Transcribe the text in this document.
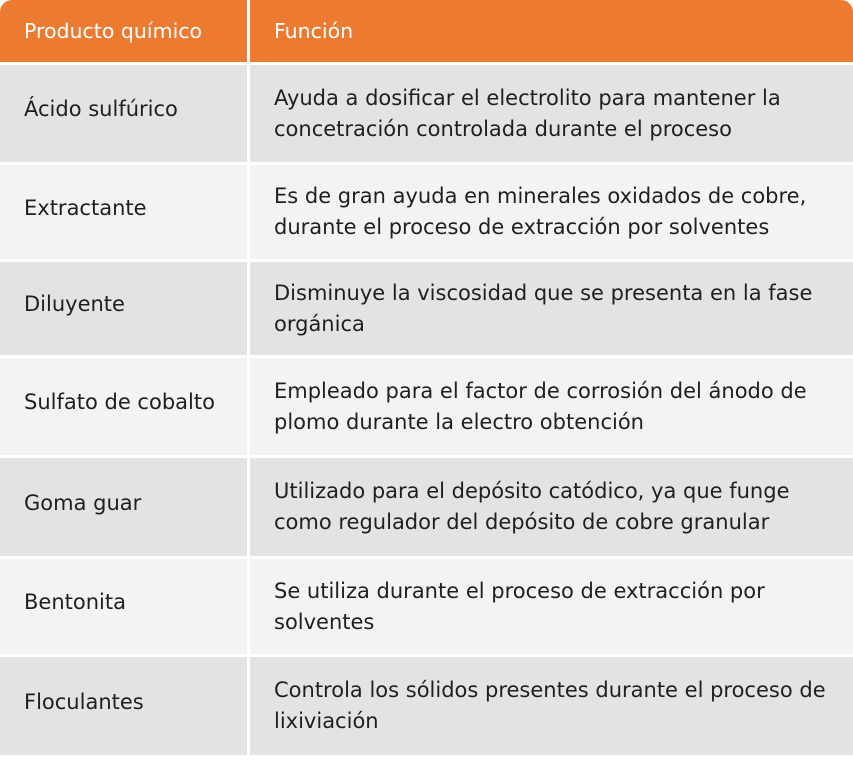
Producto químico	Función
Ácido sulfúrico	Ayuda a dosificar el electrolito para mantener la concetración controlada durante el proceso
Extractante	Es de gran ayuda en minerales oxidados de cobre, durante el proceso de extracción por solventes
Diluyente	Disminuye la viscosidad que se presenta en la fase orgánica
Sulfato de cobalto	Empleado para el factor de corrosión del ánodo de plomo durante la electro obtención
Goma guar	Utilizado para el depósito catódico, ya que funge como regulador del depósito de cobre granular
Bentonita	Se utiliza durante el proceso de extracción por solventes
Floculantes	Controla los sólidos presentes durante el proceso de lixiviación
